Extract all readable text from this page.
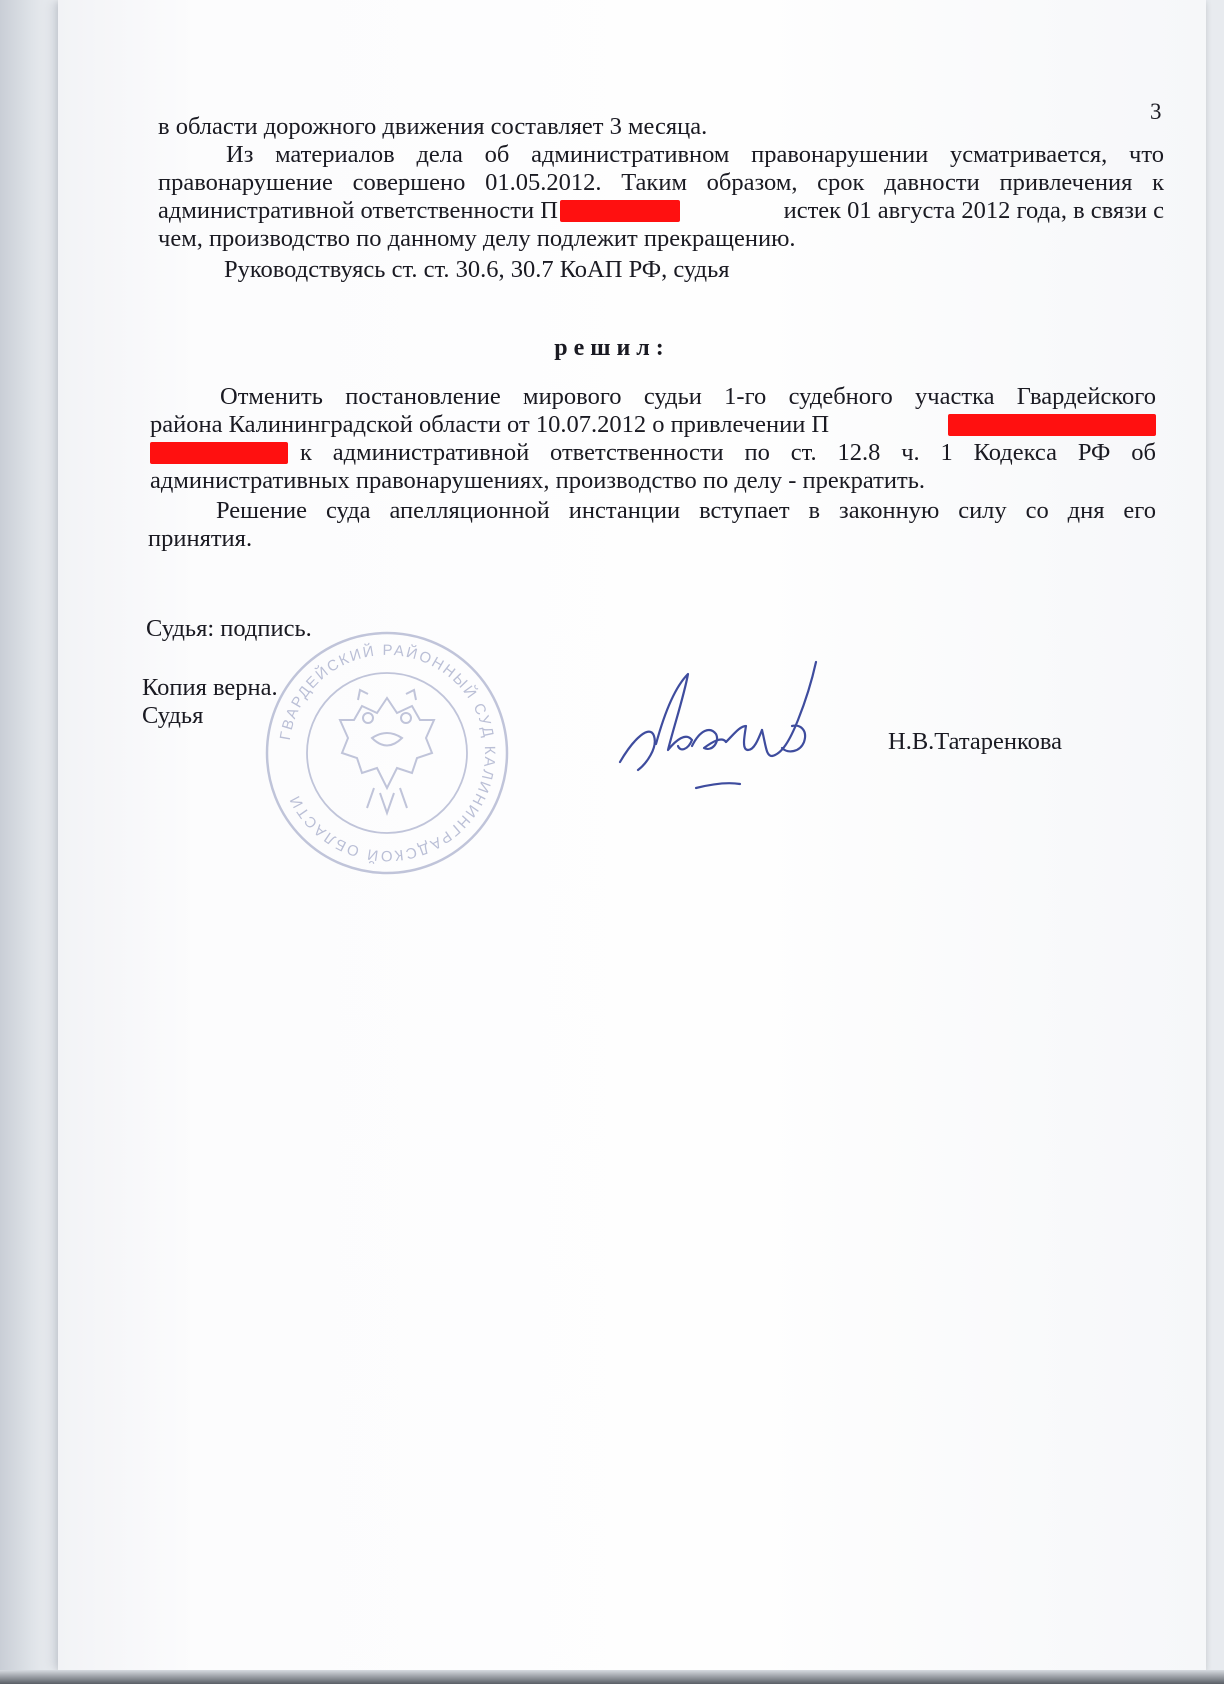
3
в области дорожного движения составляет 3 месяца.
Из материалов дела об административном правонарушении усматривается, что
правонарушение совершено 01.05.2012. Таким образом, срок давности привлечения к
административной ответственности П	истек 01 августа 2012 года, в связи с
чем, производство по данному делу подлежит прекращению.
Руководствуясь ст. ст. 30.6, 30.7 КоАП РФ, судья
решил:
Отменить постановление мирового судьи 1-го судебного участка Гвардейского
района Калининградской области от 10.07.2012 о привлечении П
к административной ответственности по ст. 12.8 ч. 1 Кодекса РФ об
административных правонарушениях, производство по делу - прекратить.
Решение суда апелляционной инстанции вступает в законную силу со дня его
принятия.
Судья: подпись.
Копия верна.
Судья
Н.В.Татаренкова
ГВАРДЕЙСКИЙ РАЙОННЫЙ СУД КАЛИНИНГРАДСКОЙ ОБЛАСТИ
